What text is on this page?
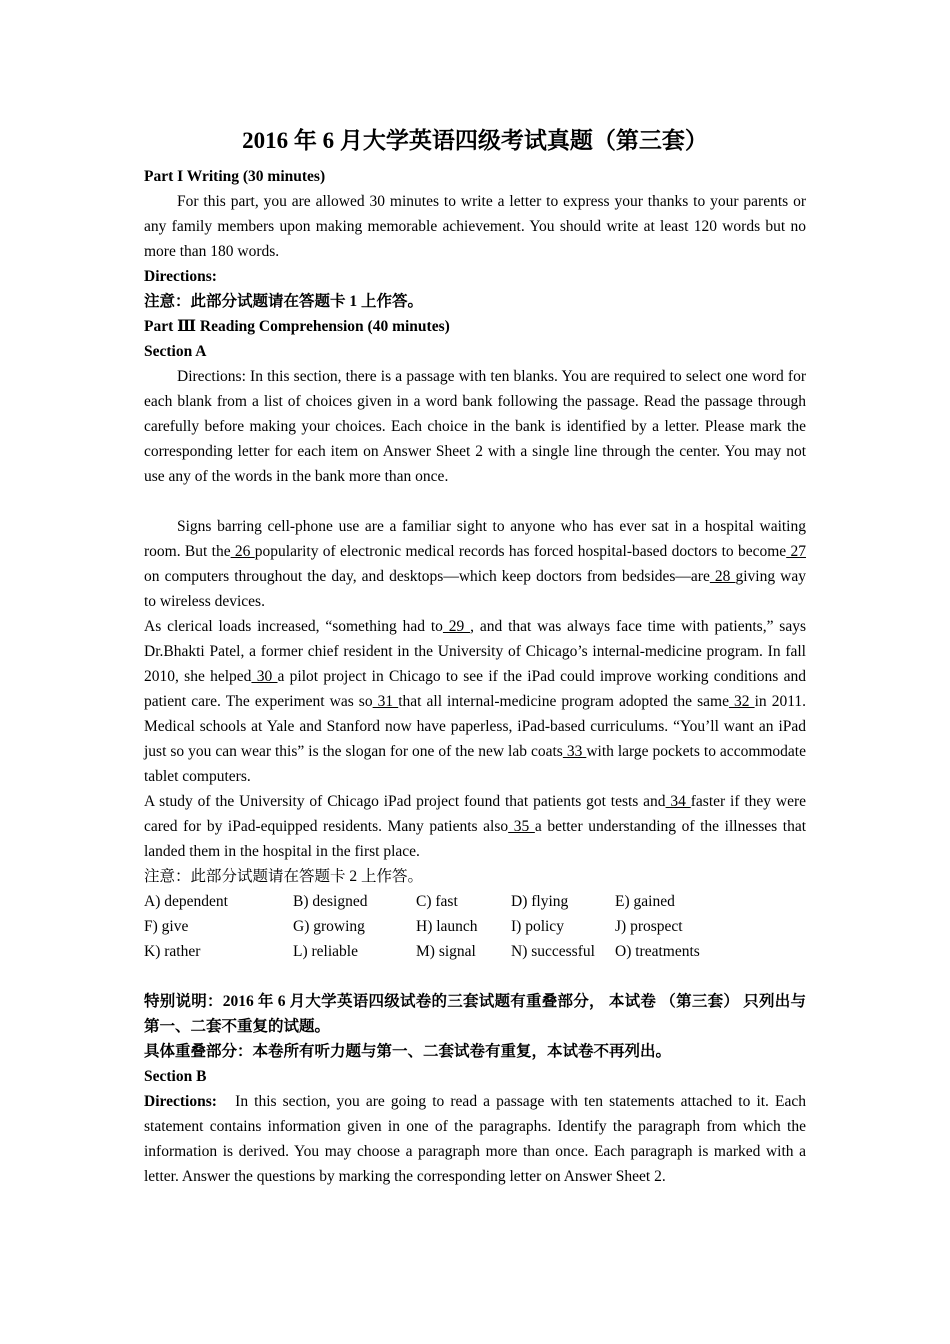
2016 年 6 月大学英语四级考试真题（第三套）

Part I Writing (30 minutes)

For this part, you are allowed 30 minutes to write a letter to express your thanks to your parents or any family members upon making memorable achievement. You should write at least 120 words but no more than 180 words.

Directions:

注意：此部分试题请在答题卡 1 上作答。

Part Ⅲ Reading Comprehension (40 minutes)

Section A

Directions: In this section, there is a passage with ten blanks. You are required to select one word for each blank from a list of choices given in a word bank following the passage. Read the passage through carefully before making your choices. Each choice in the bank is identified by a letter. Please mark the corresponding letter for each item on Answer Sheet 2 with a single line through the center. You may not use any of the words in the bank more than once.

Signs barring cell-phone use are a familiar sight to anyone who has ever sat in a hospital waiting room. But the 26 popularity of electronic medical records has forced hospital-based doctors to become 27 on computers throughout the day, and desktops—which keep doctors from bedsides—are 28 giving way to wireless devices.

As clerical loads increased, “something had to 29 , and that was always face time with patients,” says Dr.Bhakti Patel, a former chief resident in the University of Chicago’s internal-medicine program. In fall 2010, she helped 30 a pilot project in Chicago to see if the iPad could improve working conditions and patient care. The experiment was so 31 that all internal-medicine program adopted the same 32 in 2011. Medical schools at Yale and Stanford now have paperless, iPad-based curriculums. “You’ll want an iPad just so you can wear this” is the slogan for one of the new lab coats 33 with large pockets to accommodate tablet computers.

A study of the University of Chicago iPad project found that patients got tests and 34 faster if they were cared for by iPad-equipped residents. Many patients also 35 a better understanding of the illnesses that landed them in the hospital in the first place.

注意：此部分试题请在答题卡 2 上作答。

A) dependent	B) designed	C) fast	D) flying	E) gained
F) give	G) growing	H) launch	I) policy	J) prospect
K) rather	L) reliable	M) signal	N) successful	O) treatments

特别说明：2016 年 6 月大学英语四级试卷的三套试题有重叠部分， 本试卷 （第三套） 只列出与第一、二套不重复的试题。

具体重叠部分：本卷所有听力题与第一、二套试卷有重复，本试卷不再列出。

Section B

Directions: In this section, you are going to read a passage with ten statements attached to it. Each statement contains information given in one of the paragraphs. Identify the paragraph from which the information is derived. You may choose a paragraph more than once. Each paragraph is marked with a letter. Answer the questions by marking the corresponding letter on Answer Sheet 2.
